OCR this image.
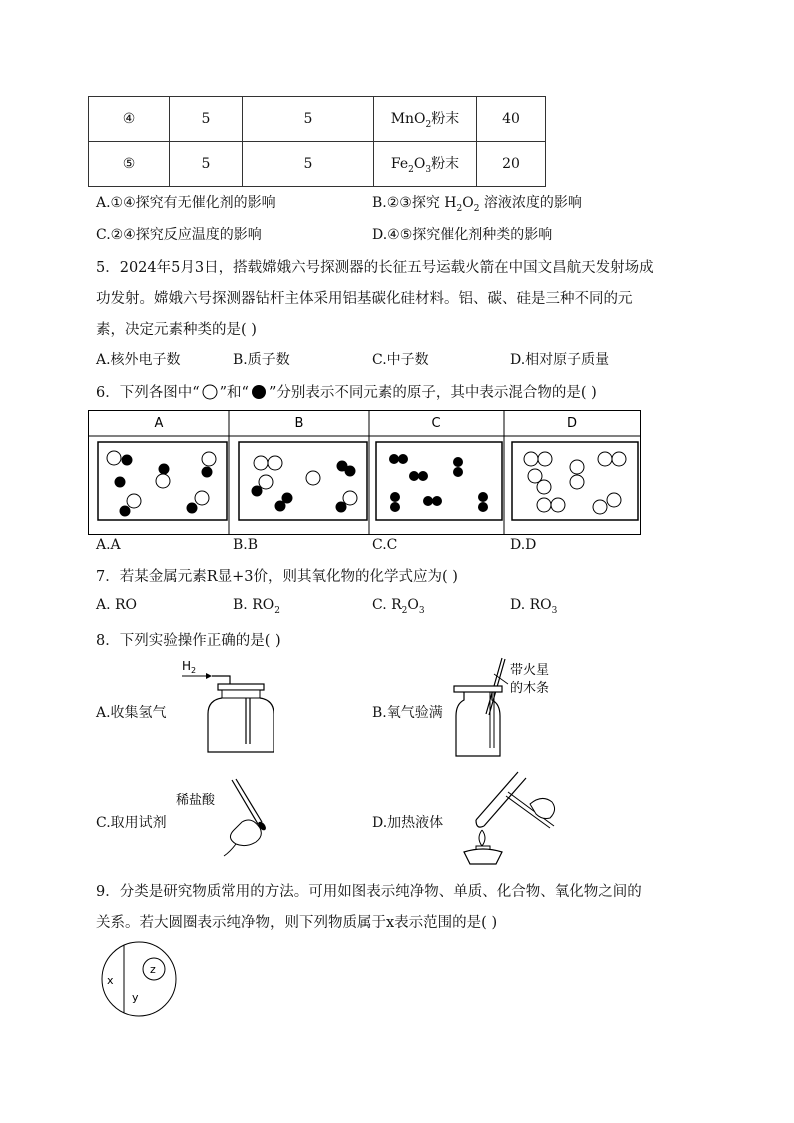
④	5	5	MnO$_2$粉末	40
⑤	5	5	$Fe_2O_3$粉末	20
A.①④探究有无催化剂的影响	B.②③探究 $H_2O_2$ 溶液浓度的影响
C.②④探究反应温度的影响	D.④⑤探究催化剂种类的影响
5．2024年5月3日，搭载嫦娥六号探测器的长征五号运载火箭在中国文昌航天发射场成
功发射。嫦娥六号探测器钻杆主体采用铝基碳化硅材料。铝、碳、硅是三种不同的元
素，决定元素种类的是( )
A.核外电子数	B.质子数	C.中子数	D.相对原子质量
6．下列各图中“ ”和“ ”分别表示不同元素的原子，其中表示混合物的是( )
A	B	C	D
A.A	B.B	C.C	D.D
7．若某金属元素R显+3价，则其氧化物的化学式应为( )
A. RO	B. $RO_2$	C. $R_2O_3$	D. $RO_3$
8．下列实验操作正确的是( )
A.收集氢气
$H_2$
B.氧气验满
带火星
的木条
C.取用试剂
稀盐酸
D.加热液体
9．分类是研究物质常用的方法。可用如图表示纯净物、单质、化合物、氧化物之间的
关系。若大圆圈表示纯净物，则下列物质属于x表示范围的是( )
x
y
z
